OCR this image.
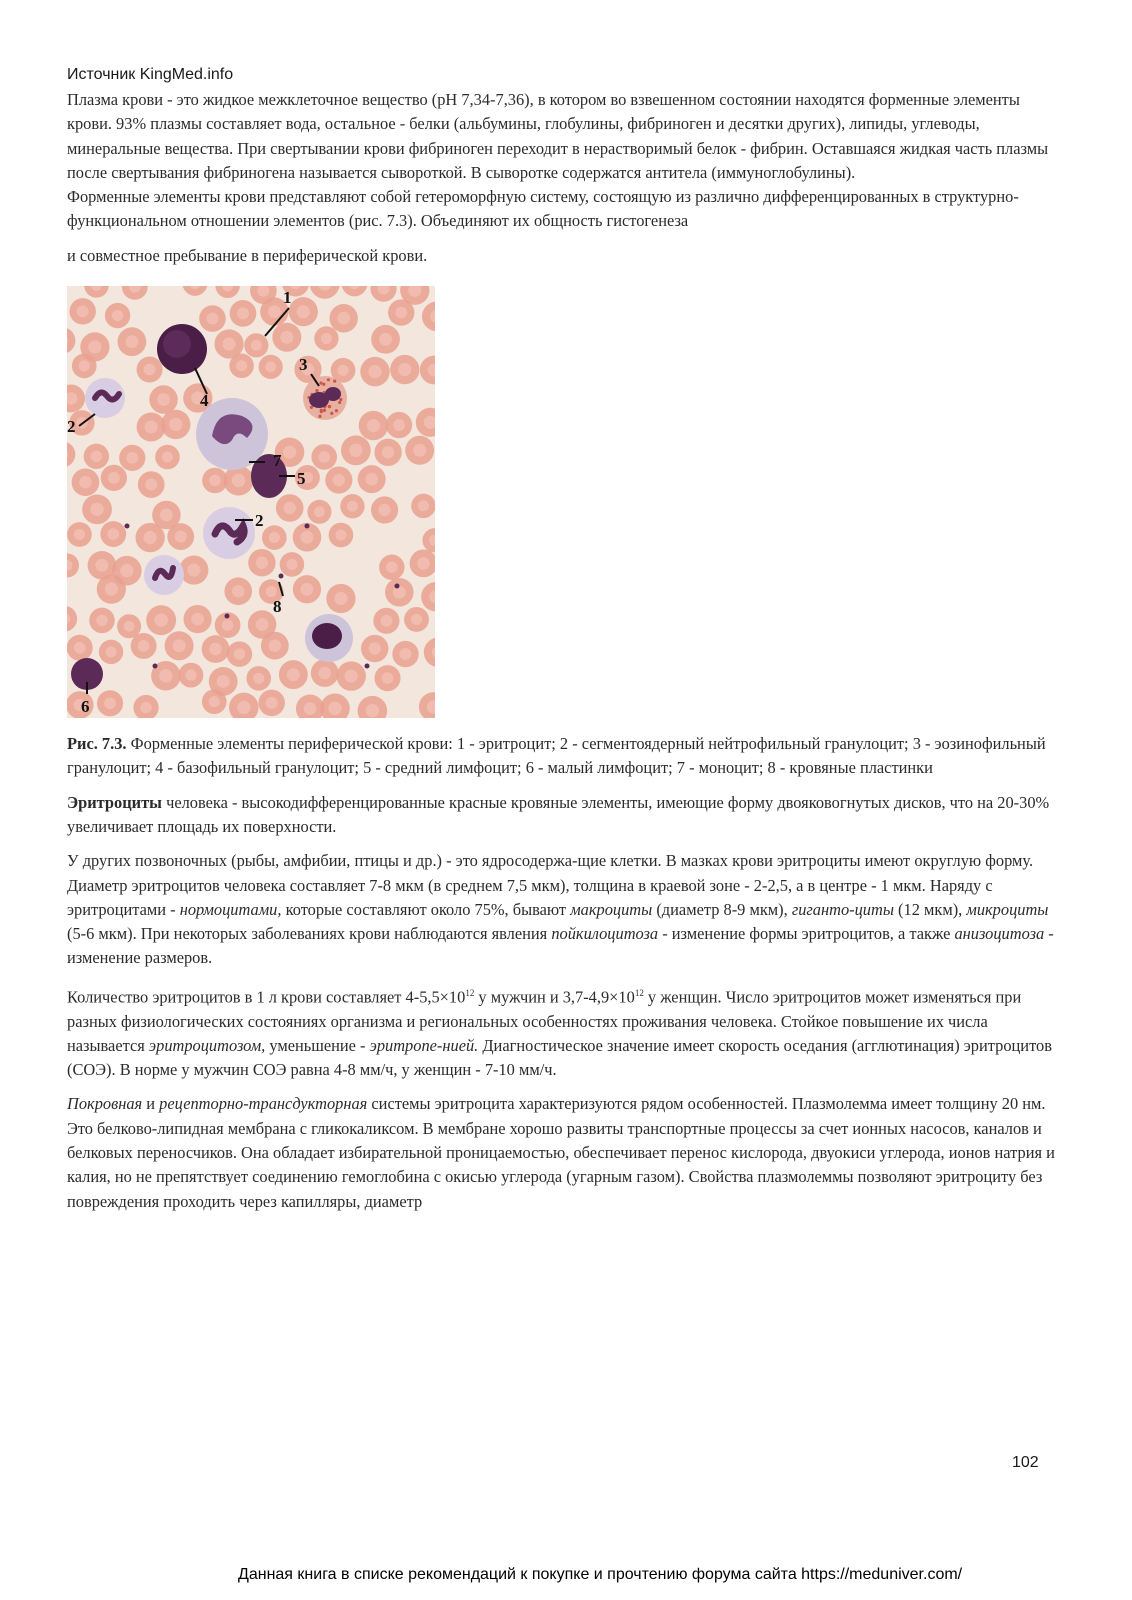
Источник KingMed.info

Плазма крови - это жидкое межклеточное вещество (рН 7,34-7,36), в котором во взвешенном состоянии находятся форменные элементы крови. 93% плазмы составляет вода, остальное - белки (альбумины, глобулины, фибриноген и десятки других), липиды, углеводы, минеральные вещества. При свертывании крови фибриноген переходит в нерастворимый белок - фибрин. Оставшаяся жидкая часть плазмы после свертывания фибриногена называется сывороткой. В сыворотке содержатся антитела (иммуноглобулины).

Форменные элементы крови представляют собой гетероморфную систему, состоящую из различно дифференцированных в структурно-функциональном отношении элементов (рис. 7.3). Объединяют их общность гистогенеза

и совместное пребывание в периферической крови.

1
2
3
4
7
5
2
8
6
Рис. 7.3. Форменные элементы периферической крови: 1 - эритроцит; 2 - сегментоядерный нейтрофильный гранулоцит; 3 - эозинофильный гранулоцит; 4 - базофильный гранулоцит; 5 - средний лимфоцит; 6 - малый лимфоцит; 7 - моноцит; 8 - кровяные пластинки

Эритроциты человека - высокодифференцированные красные кровяные элементы, имеющие форму двояковогнутых дисков, что на 20-30% увеличивает площадь их поверхности.

У других позвоночных (рыбы, амфибии, птицы и др.) - это ядросодержа-щие клетки. В мазках крови эритроциты имеют округлую форму. Диаметр эритроцитов человека составляет 7-8 мкм (в среднем 7,5 мкм), толщина в краевой зоне - 2-2,5, а в центре - 1 мкм. Наряду с эритроцитами - нормоцитами, которые составляют около 75%, бывают макроциты (диаметр 8-9 мкм), гиганто-циты (12 мкм), микроциты (5-6 мкм). При некоторых заболеваниях крови наблюдаются явления пойкилоцитоза - изменение формы эритроцитов, а также анизоцитоза - изменение размеров.

Количество эритроцитов в 1 л крови составляет $4-5,5\times 10^{12}$ у мужчин и $3,7-4,9\times 10^{12}$ у женщин. Число эритроцитов может изменяться при разных физиологических состояниях организма и региональных особенностях проживания человека. Стойкое повышение их числа
называется эритроцитозом, уменьшение - эритропе-нией. Диагностическое значение имеет скорость оседания (агглютинация) эритроцитов (СОЭ). В норме у мужчин СОЭ равна 4-8 мм/ч, у женщин - 7-10 мм/ч.

Покровная и рецепторно-трансдукторная системы эритроцита характеризуются рядом особенностей. Плазмолемма имеет толщину 20 нм. Это белково-липидная мембрана с гликокаликсом. В мембране хорошо развиты транспортные процессы за счет ионных насосов, каналов и белковых переносчиков. Она обладает избирательной проницаемостью, обеспечивает перенос кислорода, двуокиси углерода, ионов натрия и калия, но не препятствует соединению гемоглобина с окисью углерода (угарным газом). Свойства плазмолеммы позволяют эритроциту без повреждения проходить через капилляры, диаметр

102
Данная книга в списке рекомендаций к покупке и прочтению форума сайта https://meduniver.com/
